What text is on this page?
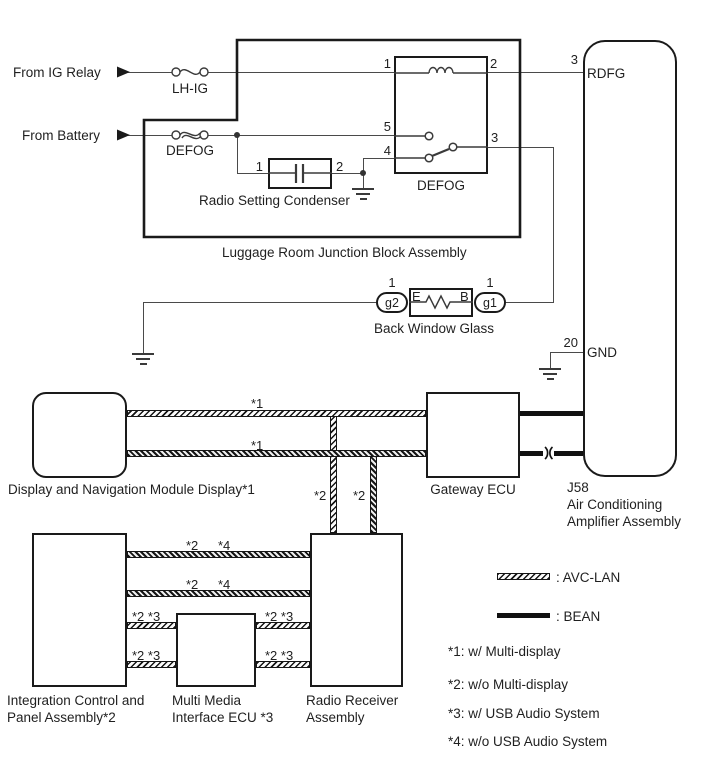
g2	g1
From IG Relay
From Battery
LH-IG
DEFOG
1	2
5
4
3
DEFOG
1	2
Radio Setting Condenser
Luggage Room Junction Block Assembly
3
RDFG
20
GND
1	1
E	B
Back Window Glass
Display and Navigation Module Display*1	Gateway ECU	J58
Air Conditioning
Amplifier Assembly
*1
*1
*2 *2
*2 *4
*2 *4
*2 *3	*2 *3
*2 *3	*2 *3
Integration Control and
Panel Assembly*2
Multi Media
Interface ECU *3
Radio Receiver
Assembly
: AVC-LAN
: BEAN
*1: w/ Multi-display
*2: w/o Multi-display
*3: w/ USB Audio System
*4: w/o USB Audio System
